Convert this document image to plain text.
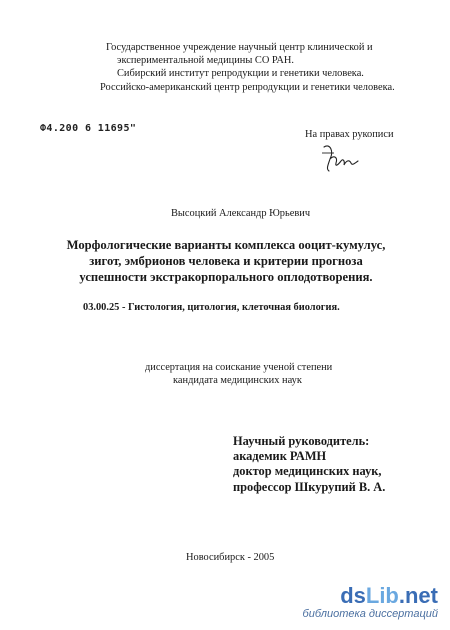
Государственное учреждение научный центр клинической и
экспериментальной медицины СО РАН.
Сибирский институт репродукции и генетики человека.
Российско-американский центр репродукции и генетики человека.
Ф4.200 6 11695"
На правах рукописи
Высоцкий Александр Юрьевич
Морфологические варианты комплекса ооцит-кумулус,
зигот, эмбрионов человека и критерии прогноза
успешности экстракорпорального оплодотворения.
03.00.25 - Гистология, цитология, клеточная биология.
диссертация на соискание ученой степени
кандидата медицинских наук
Научный руководитель:
академик РАМН
доктор медицинских наук,
профессор Шкурупий В. А.
Новосибирск - 2005
dsLib.net
библиотека диссертаций
